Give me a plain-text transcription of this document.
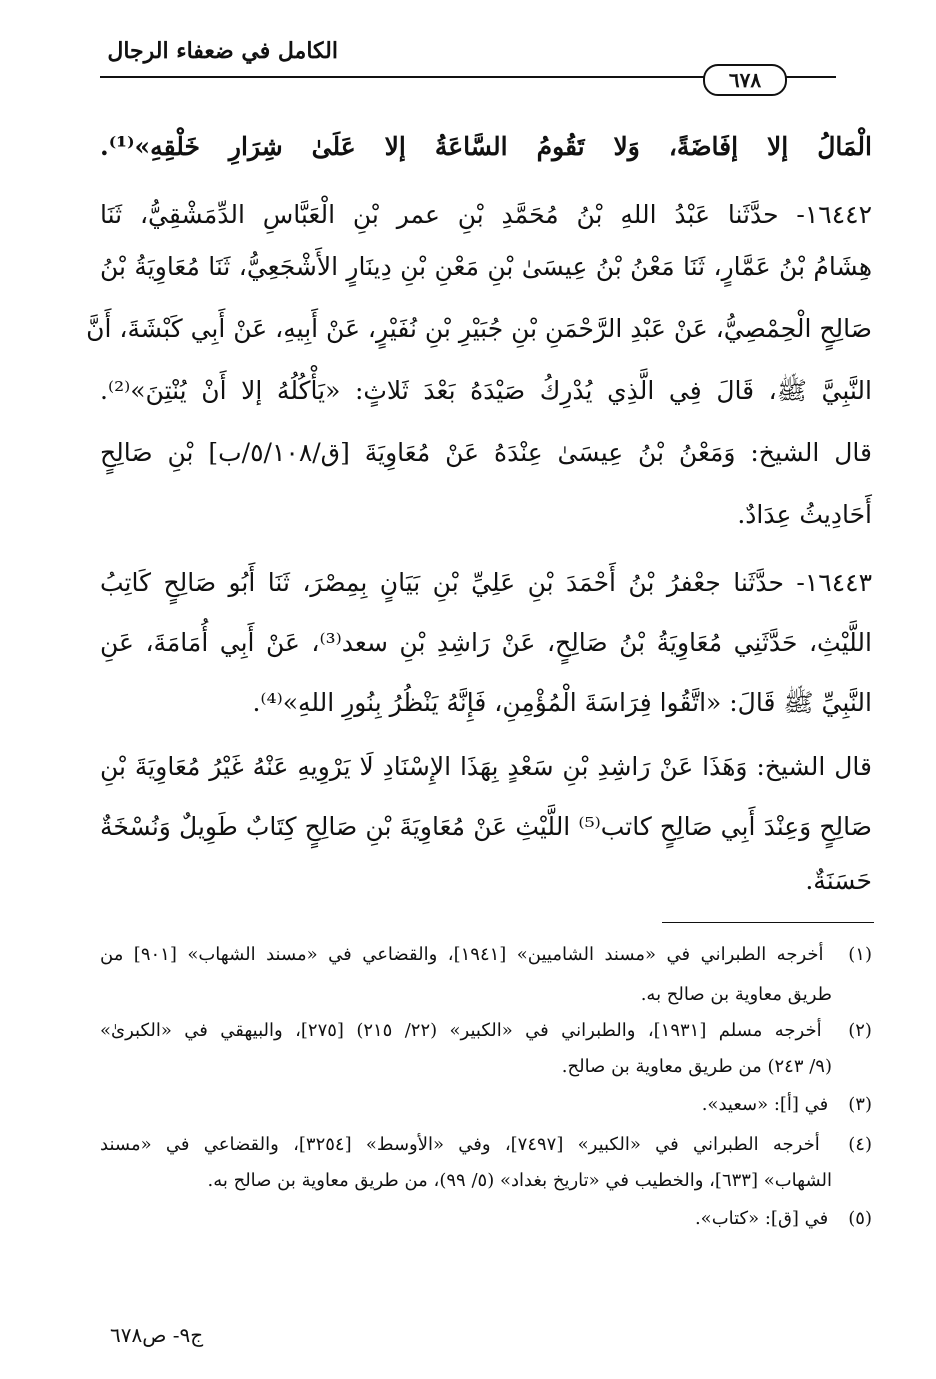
الكامل في ضعفاء الرجال
٦٧٨
الْمَالُ إلا إفَاضَةً، وَلا تَقُومُ السَّاعَةُ إلا عَلَىٰ شِرَارِ خَلْقِهِ»⁽¹⁾.
١٦٤٤٢- حدَّثَنا عَبْدُ اللهِ بْنُ مُحَمَّدِ بْنِ عمر بْنِ الْعَبَّاسِ الدِّمَشْقِيُّ، ثَنَا
هِشَامُ بْنُ عَمَّارٍ، ثَنَا مَعْنُ بْنُ عِيسَىٰ بْنِ مَعْنِ بْنِ دِينَارٍ الأَشْجَعِيُّ، ثَنَا مُعَاوِيَةُ بْنُ
صَالِحٍ الْحِمْصِيُّ، عَنْ عَبْدِ الرَّحْمَنِ بْنِ جُبَيْرِ بْنِ نُفَيْرٍ، عَنْ أَبِيهِ، عَنْ أَبِي كَبْشَةَ، أَنَّ
النَّبِيَّ ﷺ، قَالَ فِي الَّذِي يُدْرِكُ صَيْدَهُ بَعْدَ ثَلاثٍ: «يَأْكُلُهُ إلا أَنْ يُنْتِنَ»⁽²⁾.
قال الشيخ: وَمَعْنُ بْنُ عِيسَىٰ عِنْدَهُ عَنْ مُعَاوِيَةَ [ق/٥/١٠٨/ب] بْنِ صَالِحٍ
أَحَادِيثُ عِدَادٌ.
١٦٤٤٣- حدَّثَنا جعْفرُ بْنُ أَحْمَدَ بْنِ عَلِيِّ بْنِ بَيَانٍ بِمِصْرَ، ثَنَا أَبُو صَالِحٍ كَاتِبُ
اللَّيْثِ، حَدَّثَنِي مُعَاوِيَةُ بْنُ صَالِحٍ، عَنْ رَاشِدِ بْنِ سعد⁽³⁾، عَنْ أَبِي أُمَامَةَ، عَنِ
النَّبِيِّ ﷺ قَالَ: «اتَّقُوا فِرَاسَةَ الْمُؤْمِنِ، فَإِنَّهُ يَنْظُرُ بِنُورِ اللهِ»⁽⁴⁾.
قال الشيخ: وَهَذَا عَنْ رَاشِدِ بْنِ سَعْدٍ بِهَذَا الإِسْنَادِ لَا يَرْوِيهِ عَنْهُ غَيْرُ مُعَاوِيَةَ بْنِ
صَالِحٍ وَعِنْدَ أَبِي صَالِحٍ كاتب⁽⁵⁾ اللَّيْثِ عَنْ مُعَاوِيَةَ بْنِ صَالِحٍ كِتَابٌ طَوِيلٌ وَنُسْخَةٌ
حَسَنَةٌ.
(١) أخرجه الطبراني في «مسند الشاميين» [١٩٤١]، والقضاعي في «مسند الشهاب» [٩٠١] من
طريق معاوية بن صالح به.
(٢) أخرجه مسلم [١٩٣١]، والطبراني في «الكبير» (٢٢/ ٢١٥) [٢٧٥]، والبيهقي في «الكبرىٰ»
(٩/ ٢٤٣) من طريق معاوية بن صالح.
(٣) في [أ]: «سعيد».
(٤) أخرجه الطبراني في «الكبير» [٧٤٩٧]، وفي «الأوسط» [٣٢٥٤]، والقضاعي في «مسند
الشهاب» [٦٣٣]، والخطيب في «تاريخ بغداد» (٥/ ٩٩)، من طريق معاوية بن صالح به.
(٥) في [ق]: «كتاب».
ج٩- ص٦٧٨
